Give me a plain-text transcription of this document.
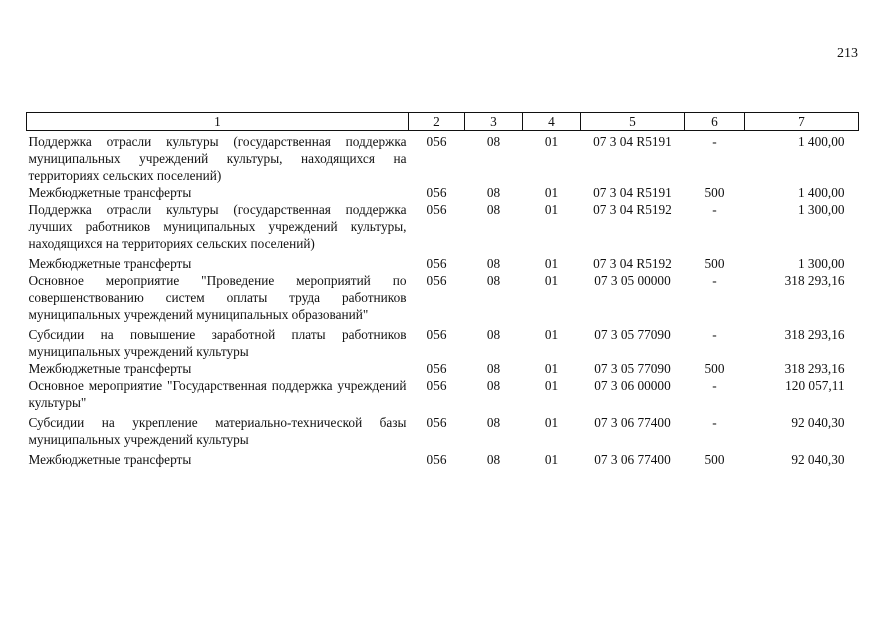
213
1	2	3	4	5	6	7
Поддержка отрасли культуры (государственная поддержка муниципальных учреждений культуры, находящихся на территориях сельских поселений)	056	08	01	07 3 04 R5191	-	1 400,00
Межбюджетные трансферты	056	08	01	07 3 04 R5191	500	1 400,00
Поддержка отрасли культуры (государственная поддержка лучших работников муниципальных учреждений культуры, находящихся на территориях сельских поселений)	056	08	01	07 3 04 R5192	-	1 300,00
Межбюджетные трансферты	056	08	01	07 3 04 R5192	500	1 300,00
Основное мероприятие "Проведение мероприятий по совершенствованию систем оплаты труда работников муниципальных учреждений муниципальных образований"	056	08	01	07 3 05 00000	-	318 293,16
Субсидии на повышение заработной платы работников муниципальных учреждений культуры	056	08	01	07 3 05 77090	-	318 293,16
Межбюджетные трансферты	056	08	01	07 3 05 77090	500	318 293,16
Основное мероприятие "Государственная поддержка учреждений культуры"	056	08	01	07 3 06 00000	-	120 057,11
Субсидии на укрепление материально-технической базы муниципальных учреждений культуры	056	08	01	07 3 06 77400	-	92 040,30
Межбюджетные трансферты	056	08	01	07 3 06 77400	500	92 040,30
